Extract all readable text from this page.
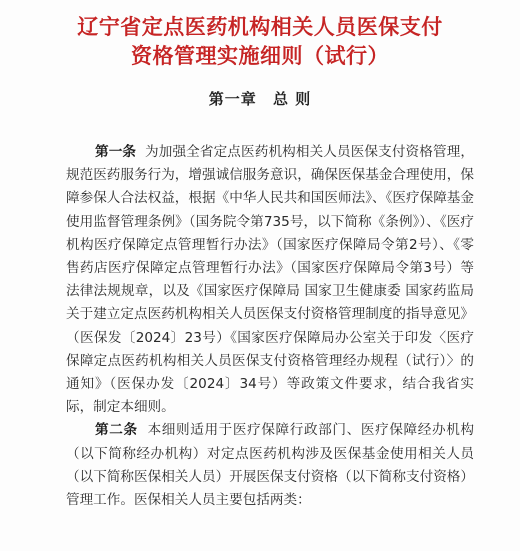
辽宁省定点医药机构相关人员医保支付
资格管理实施细则（试行）
第一章 总 则

第一条 为加强全省定点医药机构相关人员医保支付资格管理，规范医药服务行为，增强诚信服务意识，确保医保基金合理使用，保障参保人合法权益，根据《中华人民共和国医师法》、《医疗保障基金使用监督管理条例》（国务院令第735号，以下简称《条例》）、《医疗机构医疗保障定点管理暂行办法》（国家医疗保障局令第2号）、《零售药店医疗保障定点管理暂行办法》（国家医疗保障局令第3号）等法律法规规章，以及《国家医疗保障局 国家卫生健康委 国家药监局关于建立定点医药机构相关人员医保支付资格管理制度的指导意见》（医保发〔2024〕23号）《国家医疗保障局办公室关于印发〈医疗保障定点医药机构相关人员医保支付资格管理经办规程（试行）〉的通知》（医保办发〔2024〕34号）等政策文件要求，结合我省实际，制定本细则。

第二条 本细则适用于医疗保障行政部门、医疗保障经办机构（以下简称经办机构）对定点医药机构涉及医保基金使用相关人员（以下简称医保相关人员）开展医保支付资格（以下简称支付资格）管理工作。医保相关人员主要包括两类：
